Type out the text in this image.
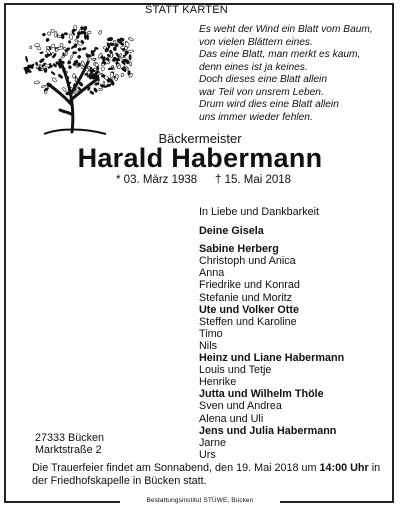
STATT KARTEN
Es weht der Wind ein Blatt vom Baum,
von vielen Blättern eines.
Das eine Blatt, man merkt es kaum,
denn eines ist ja keines.
Doch dieses eine Blatt allein
war Teil von unsrem Leben.
Drum wird dies eine Blatt allein
uns immer wieder fehlen.
Bäckermeister
Harald Habermann
* 03. März 1938 † 15. Mai 2018
In Liebe und Dankbarkeit
Deine Gisela
Sabine Herberg
Christoph und Anica
Anna
Friedrike und Konrad
Stefanie und Moritz
Ute und Volker Otte
Steffen und Karoline
Timo
Nils
Heinz und Liane Habermann
Louis und Tetje
Henrike
Jutta und Wilhelm Thöle
Sven und Andrea
Alena und Uli
Jens und Julia Habermann
Jarne
Urs
27333 Bücken
Marktstraße 2
Die Trauerfeier findet am Sonnabend, den 19. Mai 2018 um 14:00 Uhr in der Friedhofskapelle in Bücken statt.
Bestattungsinstitut STÜWE, Bücken
